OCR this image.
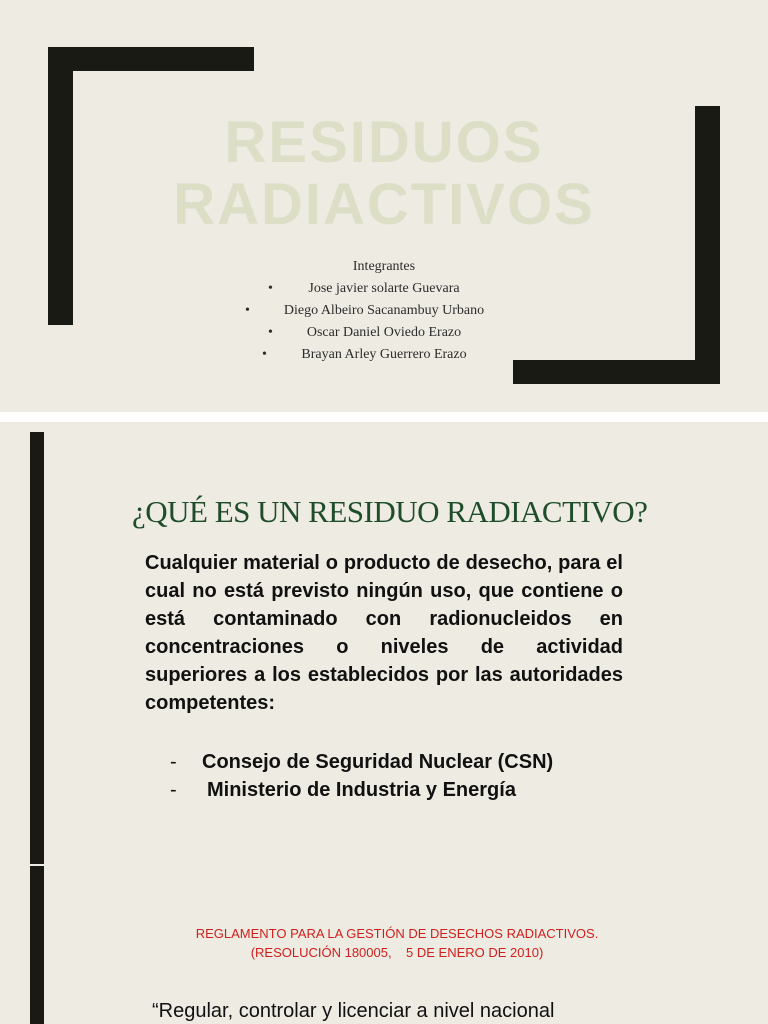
RESIDUOS
RADIACTIVOS
Integrantes
•	Jose javier solarte Guevara
• Diego Albeiro Sacanambuy Urbano
• Oscar Daniel Oviedo Erazo
• Brayan Arley Guerrero Erazo
¿QUÉ ES UN RESIDUO RADIACTIVO?

Cualquier material o producto de desecho, para el cual no está previsto ningún uso, que contiene o está contaminado con radionucleidos en concentraciones o niveles de actividad superiores a los establecidos por las autoridades competentes:

- Consejo de Seguridad Nuclear (CSN)
- Ministerio de Industria y Energía
REGLAMENTO PARA LA GESTIÓN DE DESECHOS RADIACTIVOS.
(RESOLUCIÓN 180005,    5 DE ENERO DE 2010)
“Regular, controlar y licenciar a nivel nacional
